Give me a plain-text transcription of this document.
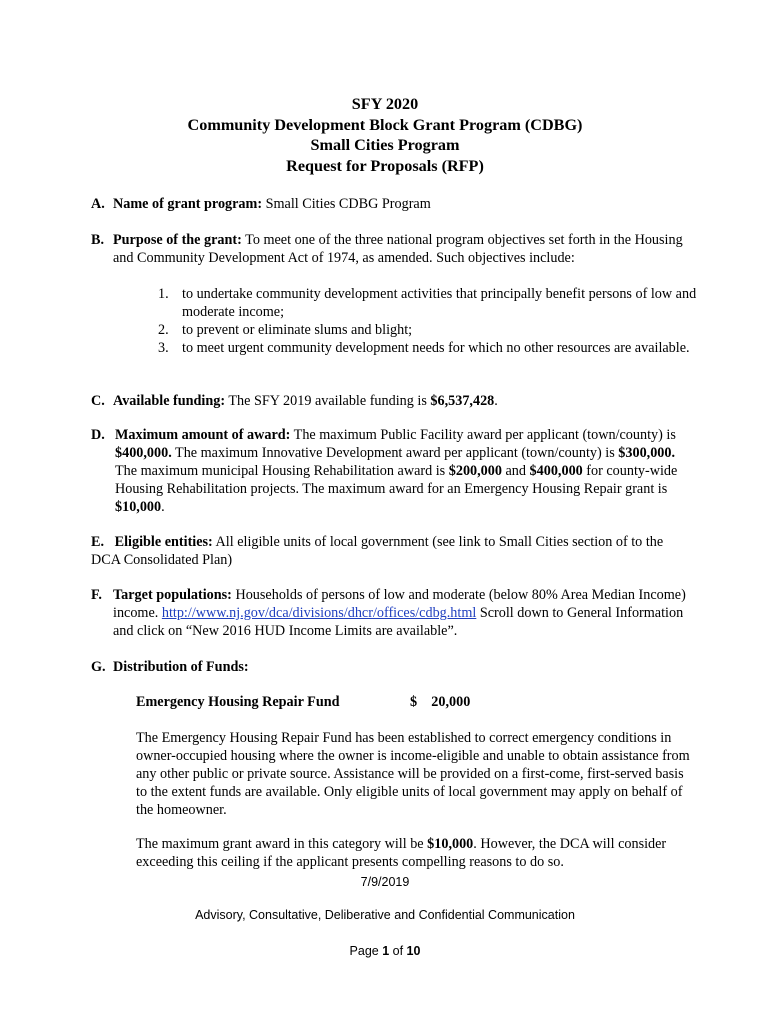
SFY 2020
Community Development Block Grant Program (CDBG)
Small Cities Program
Request for Proposals (RFP)
A. Name of grant program: Small Cities CDBG Program
B. Purpose of the grant: To meet one of the three national program objectives set forth in the Housing and Community Development Act of 1974, as amended. Such objectives include:
1. to undertake community development activities that principally benefit persons of low and moderate income;
2. to prevent or eliminate slums and blight;
3. to meet urgent community development needs for which no other resources are available.
C. Available funding: The SFY 2019 available funding is $6,537,428.
D. Maximum amount of award: The maximum Public Facility award per applicant (town/county) is $400,000. The maximum Innovative Development award per applicant (town/county) is $300,000. The maximum municipal Housing Rehabilitation award is $200,000 and $400,000 for county-wide Housing Rehabilitation projects. The maximum award for an Emergency Housing Repair grant is $10,000.
E. Eligible entities: All eligible units of local government (see link to Small Cities section of to the DCA Consolidated Plan)
F. Target populations: Households of persons of low and moderate (below 80% Area Median Income) income. http://www.nj.gov/dca/divisions/dhcr/offices/cdbg.html Scroll down to General Information and click on “New 2016 HUD Income Limits are available”.
G. Distribution of Funds:
Emergency Housing Repair Fund	$ 20,000
The Emergency Housing Repair Fund has been established to correct emergency conditions in owner-occupied housing where the owner is income-eligible and unable to obtain assistance from any other public or private source. Assistance will be provided on a first-come, first-served basis to the extent funds are available. Only eligible units of local government may apply on behalf of the homeowner.
The maximum grant award in this category will be $10,000. However, the DCA will consider exceeding this ceiling if the applicant presents compelling reasons to do so.
7/9/2019
Advisory, Consultative, Deliberative and Confidential Communication
Page 1 of 10
